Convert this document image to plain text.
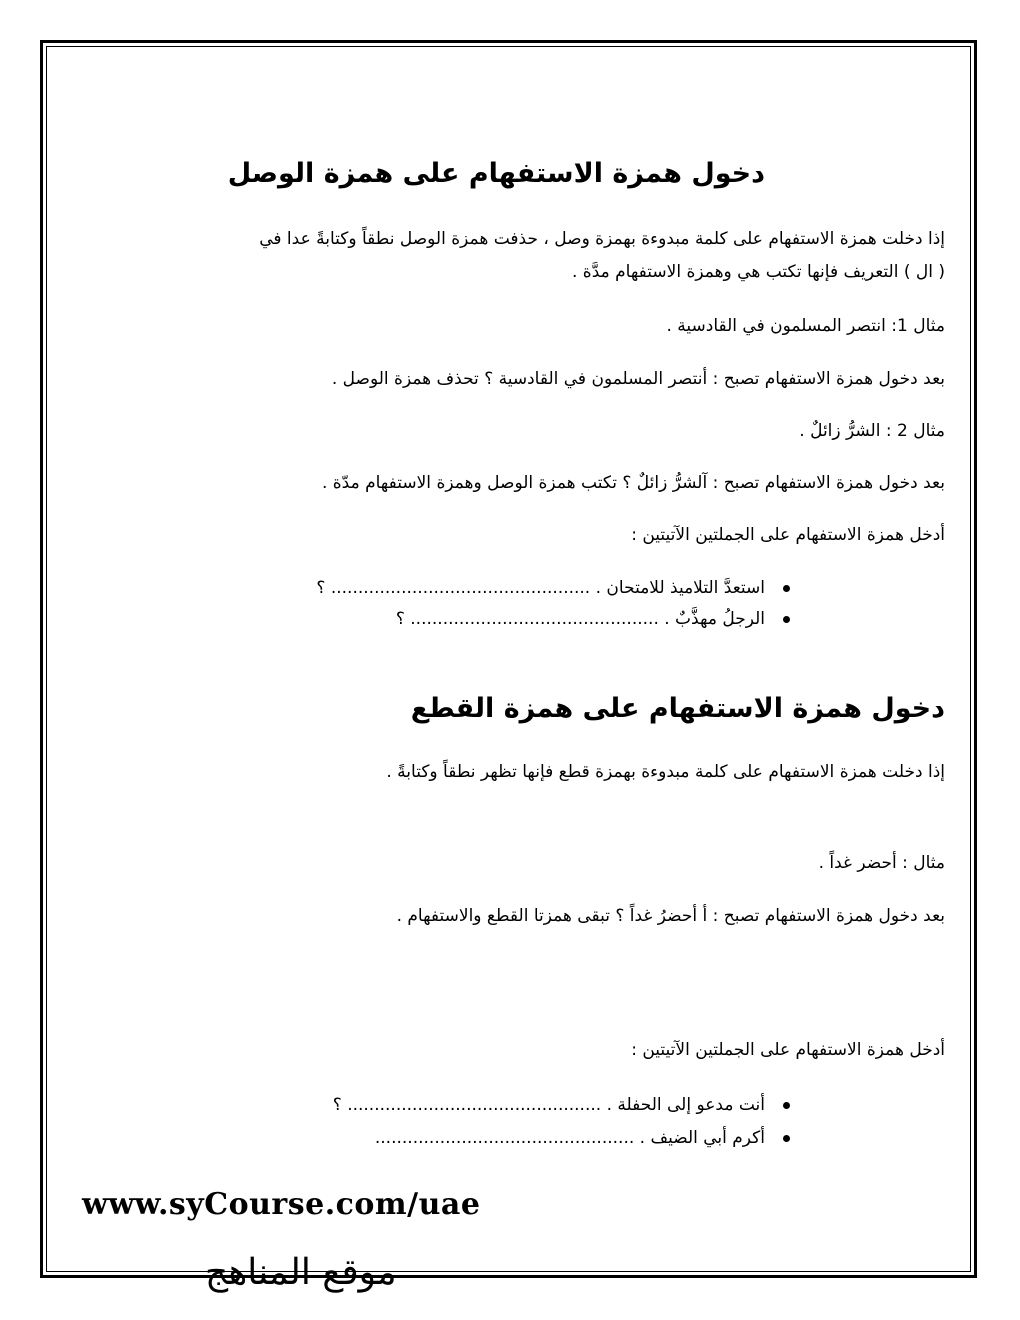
دخول همزة الاستفهام على همزة الوصل
إذا دخلت همزة الاستفهام على كلمة مبدوءة بهمزة وصل ، حذفت همزة الوصل نطقاً وكتابةً عدا في
( ال ) التعريف فإنها تكتب هي وهمزة الاستفهام مدَّة .
مثال 1: انتصر المسلمون في القادسية .
بعد دخول همزة الاستفهام تصبح : أنتصر المسلمون في القادسية ؟ تحذف همزة الوصل .
مثال 2 : الشرُّ زائلٌ .
بعد دخول همزة الاستفهام تصبح : آلشرُّ زائلٌ ؟ تكتب همزة الوصل وهمزة الاستفهام مدّة .
أدخل همزة الاستفهام على الجملتين الآتيتين :
استعدَّ التلاميذ للامتحان . ................................................ ؟
الرجلُ مهذَّبٌ . .............................................. ؟
دخول همزة الاستفهام على همزة القطع
إذا دخلت همزة الاستفهام على كلمة مبدوءة بهمزة قطع فإنها تظهر نطقاً وكتابةً .
مثال : أحضر غداً .
بعد دخول همزة الاستفهام تصبح : أ أحضرُ غداً ؟ تبقى همزتا القطع والاستفهام .
أدخل همزة الاستفهام على الجملتين الآتيتين :
أنت مدعو إلى الحفلة . ............................................... ؟
أكرم أبي الضيف . ................................................
www.syCourse.com/uae
موقع المناهج
